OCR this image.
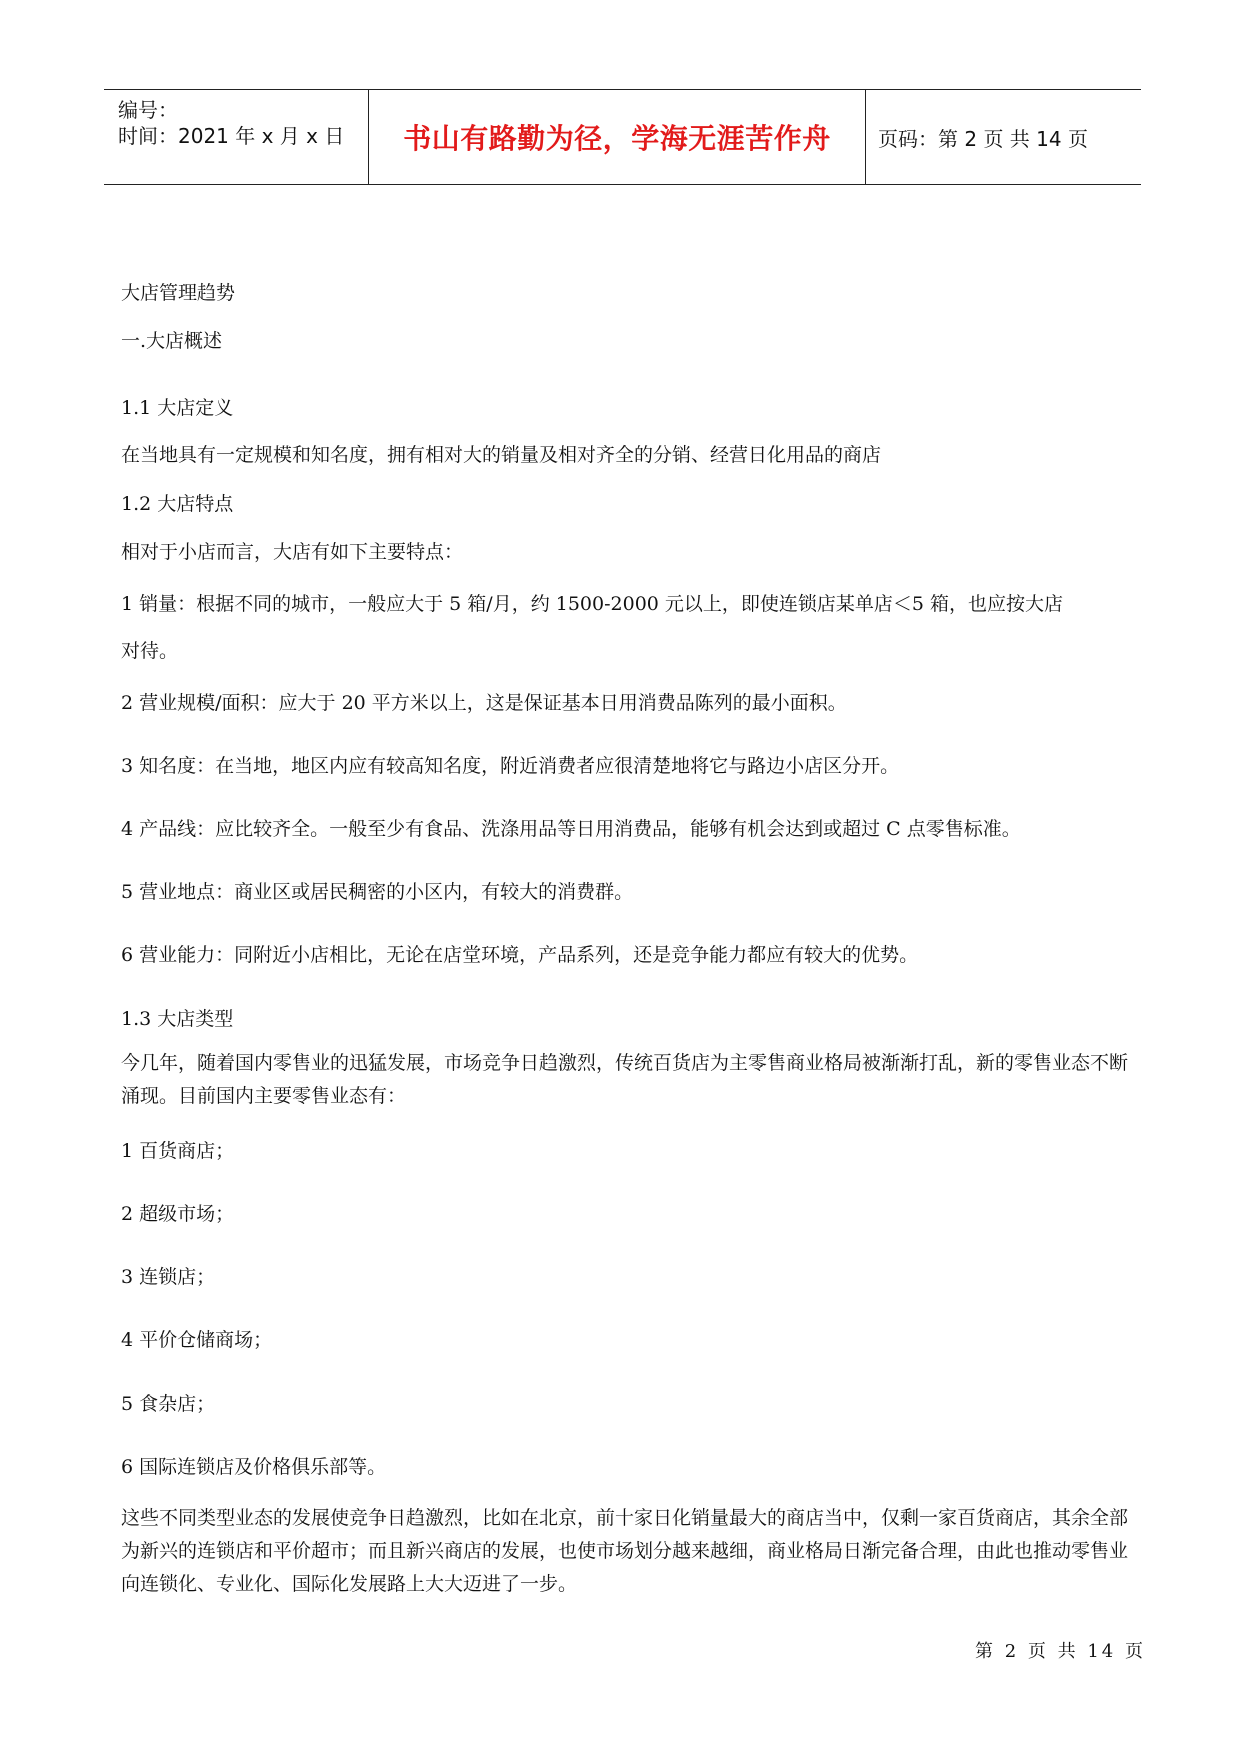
编号：
时间：2021 年 x 月 x 日 书山有路勤为径，学海无涯苦作舟	页码：第 2 页 共 14 页
大店管理趋势
一.大店概述
1.1 大店定义
在当地具有一定规模和知名度，拥有相对大的销量及相对齐全的分销、经营日化用品的商店
1.2 大店特点
相对于小店而言，大店有如下主要特点：
1 销量：根据不同的城市，一般应大于 5 箱/月，约 1500-2000 元以上，即使连锁店某单店＜5 箱，也应按大店
对待。
2 营业规模/面积：应大于 20 平方米以上，这是保证基本日用消费品陈列的最小面积。
3 知名度：在当地，地区内应有较高知名度，附近消费者应很清楚地将它与路边小店区分开。
4 产品线：应比较齐全。一般至少有食品、洗涤用品等日用消费品，能够有机会达到或超过 C 点零售标准。
5 营业地点：商业区或居民稠密的小区内，有较大的消费群。
6 营业能力：同附近小店相比，无论在店堂环境，产品系列，还是竞争能力都应有较大的优势。
1.3 大店类型
今几年，随着国内零售业的迅猛发展，市场竞争日趋激烈，传统百货店为主零售商业格局被渐渐打乱，新的零售业态不断涌现。目前国内主要零售业态有：
1 百货商店；
2 超级市场；
3 连锁店；
4 平价仓储商场；
5 食杂店；
6 国际连锁店及价格俱乐部等。
这些不同类型业态的发展使竞争日趋激烈，比如在北京，前十家日化销量最大的商店当中，仅剩一家百货商店，其余全部为新兴的连锁店和平价超市；而且新兴商店的发展，也使市场划分越来越细，商业格局日渐完备合理，由此也推动零售业向连锁化、专业化、国际化发展路上大大迈进了一步。
第 2 页 共 14 页
